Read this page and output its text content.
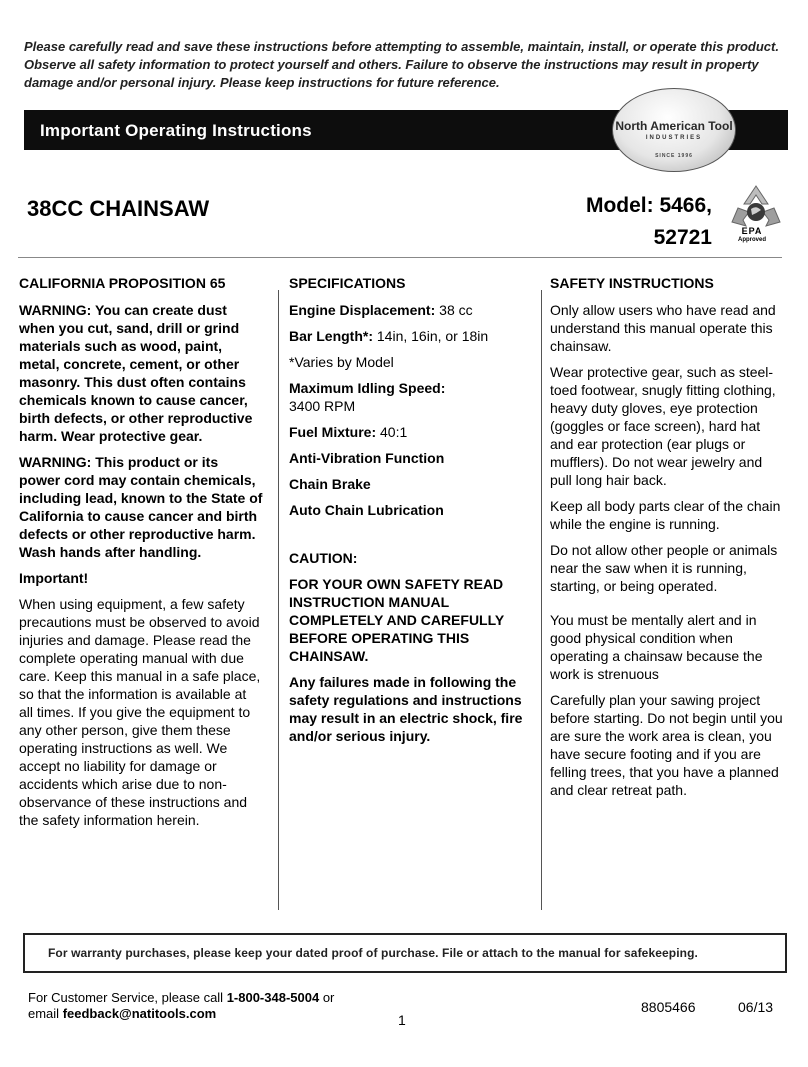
Please carefully read and save these instructions before attempting to assemble, maintain, install, or operate this product. Observe all safety information to protect yourself and others. Failure to observe the instructions may result in property damage and/or personal injury. Please keep instructions for future reference.
Important Operating Instructions	North American Tool
INDUSTRIES
SINCE 1996
38CC CHAINSAW	Model: 5466,
52721	EPA
Approved

CALIFORNIA PROPOSITION 65

WARNING: You can create dust when you cut, sand, drill or grind materials such as wood, paint, metal, concrete, cement, or other masonry. This dust often contains chemicals known to cause cancer, birth defects, or other reproductive harm. Wear protective gear.

WARNING: This product or its power cord may contain chemicals, including lead, known to the State of California to cause cancer and birth defects or other reproductive harm. Wash hands after handling.

Important!

When using equipment, a few safety precautions must be observed to avoid injuries and damage. Please read the complete operating manual with due care. Keep this manual in a safe place, so that the information is available at all times. If you give the equipment to any other person, give them these operating instructions as well. We accept no liability for damage or accidents which arise due to non-observance of these instructions and the safety information herein.

SPECIFICATIONS

Engine Displacement: 38 cc

Bar Length*: 14in, 16in, or 18in

*Varies by Model

Maximum Idling Speed:
3400 RPM

Fuel Mixture: 40:1

Anti-Vibration Function

Chain Brake

Auto Chain Lubrication

CAUTION:

FOR YOUR OWN SAFETY READ INSTRUCTION MANUAL COMPLETELY AND CAREFULLY BEFORE OPERATING THIS CHAINSAW.

Any failures made in following the safety regulations and instructions may result in an electric shock, fire and/or serious injury.

SAFETY INSTRUCTIONS

Only allow users who have read and understand this manual operate this chainsaw.

Wear protective gear, such as steel-toed footwear, snugly fitting clothing, heavy duty gloves, eye protection (goggles or face screen), hard hat and ear protection (ear plugs or mufflers). Do not wear jewelry and pull long hair back.

Keep all body parts clear of the chain while the engine is running.

Do not allow other people or animals near the saw when it is running, starting, or being operated.

You must be mentally alert and in good physical condition when operating a chainsaw because the work is strenuous

Carefully plan your sawing project before starting. Do not begin until you are sure the work area is clean, you have secure footing and if you are felling trees, that you have a planned and clear retreat path.

For warranty purchases, please keep your dated proof of purchase. File or attach to the manual for safekeeping.
For Customer Service, please call 1-800-348-5004 or
email feedback@natitools.com	1
8805466	06/13
